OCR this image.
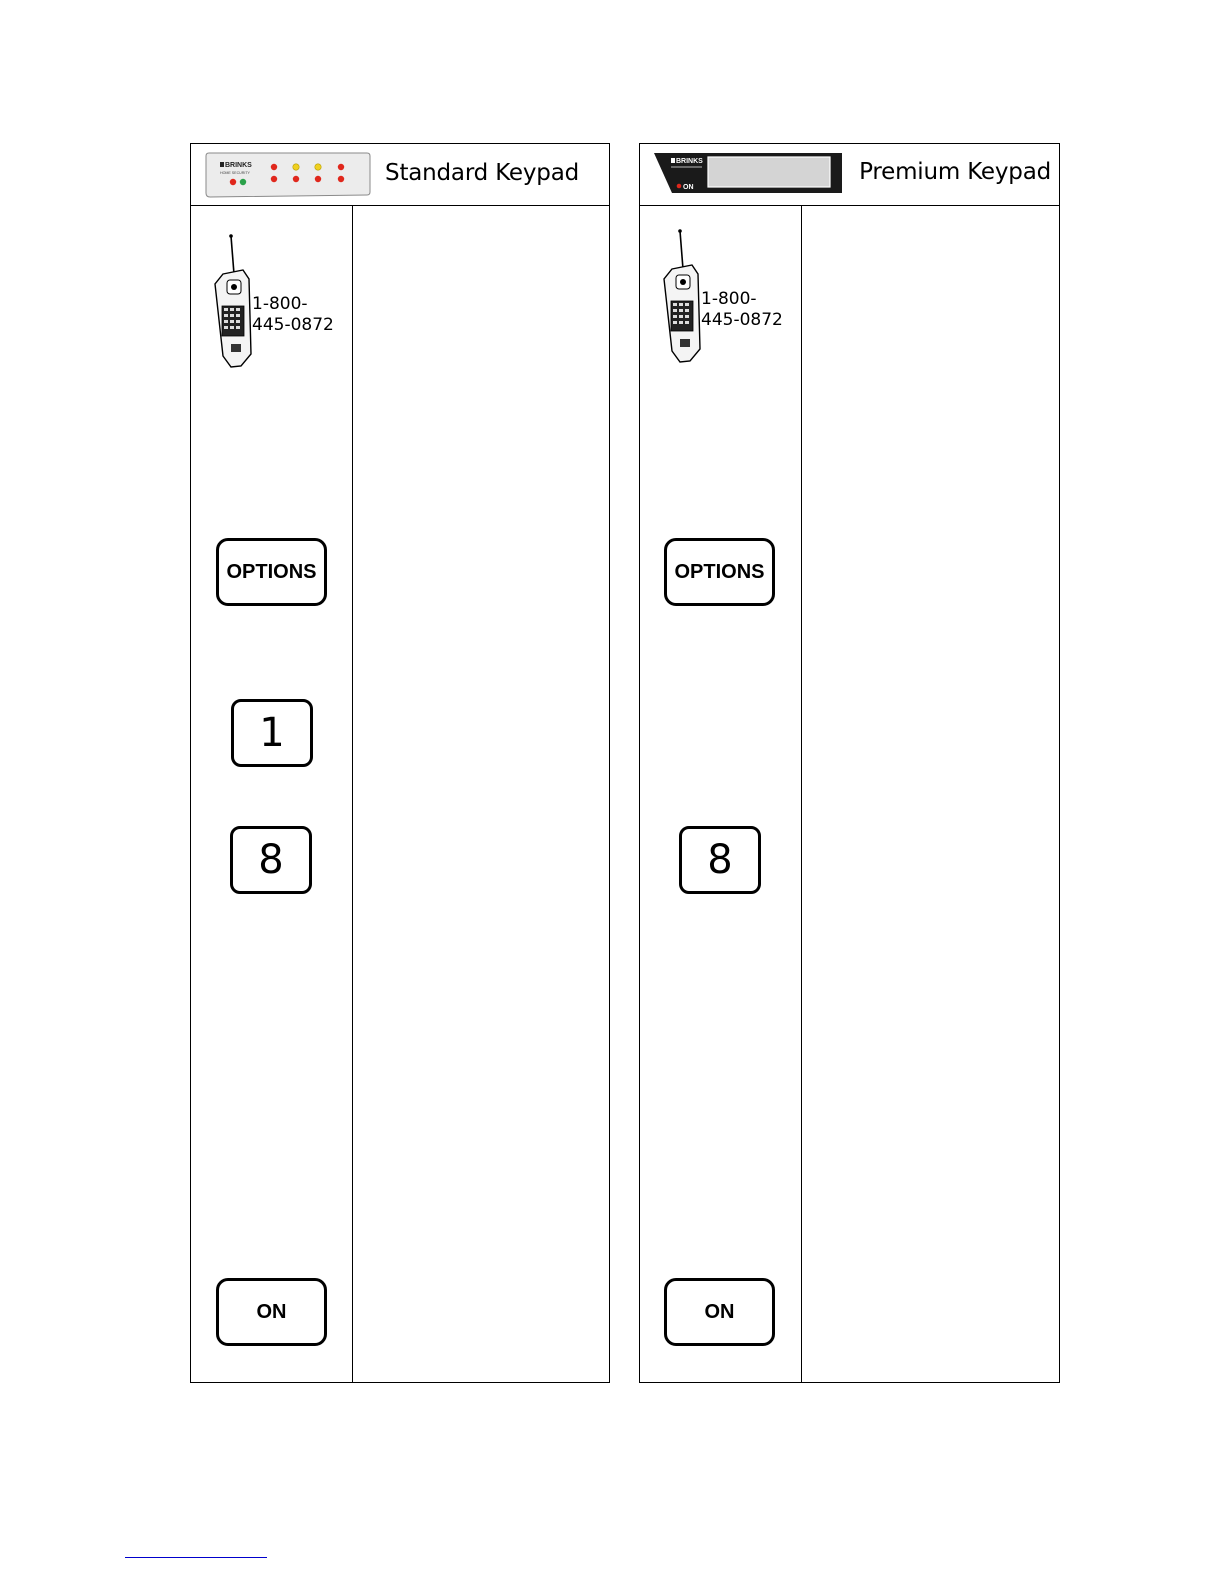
BRINKS
HOME SECURITY	Standard Keypad
1-800-
445-0872
OPTIONS
1
8
ON
BRINKS
ON
Premium Keypad
1-800-
445-0872
OPTIONS
8
ON
